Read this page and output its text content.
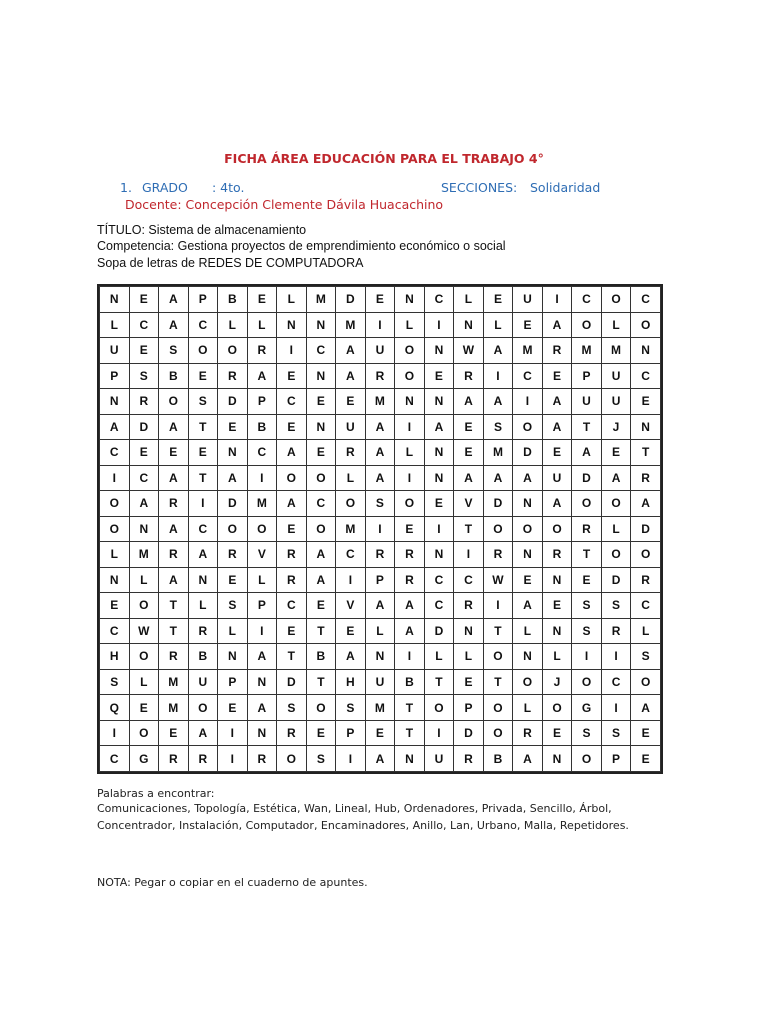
FICHA ÁREA EDUCACIÓN PARA EL TRABAJO 4°
1. GRADO : 4to.	SECCIONES: Solidaridad
Docente: Concepción Clemente Dávila Huacachino
TÍTULO: Sistema de almacenamiento
Competencia: Gestiona proyectos de emprendimiento económico o social
Sopa de letras de REDES DE COMPUTADORA
N	E	A	P	B	E	L	M	D	E	N	C	L	E	U	I	C	O	C
L	C	A	C	L	L	N	N	M	I	L	I	N	L	E	A	O	L	O
U	E	S	O	O	R	I	C	A	U	O	N	W	A	M	R	M	M	N
P	S	B	E	R	A	E	N	A	R	O	E	R	I	C	E	P	U	C
N	R	O	S	D	P	C	E	E	M	N	N	A	A	I	A	U	U	E
A	D	A	T	E	B	E	N	U	A	I	A	E	S	O	A	T	J	N
C	E	E	E	N	C	A	E	R	A	L	N	E	M	D	E	A	E	T
I	C	A	T	A	I	O	O	L	A	I	N	A	A	A	U	D	A	R
O	A	R	I	D	M	A	C	O	S	O	E	V	D	N	A	O	O	A
O	N	A	C	O	O	E	O	M	I	E	I	T	O	O	O	R	L	D
L	M	R	A	R	V	R	A	C	R	R	N	I	R	N	R	T	O	O
N	L	A	N	E	L	R	A	I	P	R	C	C	W	E	N	E	D	R
E	O	T	L	S	P	C	E	V	A	A	C	R	I	A	E	S	S	C
C	W	T	R	L	I	E	T	E	L	A	D	N	T	L	N	S	R	L
H	O	R	B	N	A	T	B	A	N	I	L	L	O	N	L	I	I	S
S	L	M	U	P	N	D	T	H	U	B	T	E	T	O	J	O	C	O
Q	E	M	O	E	A	S	O	S	M	T	O	P	O	L	O	G	I	A
I	O	E	A	I	N	R	E	P	E	T	I	D	O	R	E	S	S	E
C	G	R	R	I	R	O	S	I	A	N	U	R	B	A	N	O	P	E
Palabras a encontrar:
Comunicaciones, Topología, Estética, Wan, Lineal, Hub, Ordenadores, Privada, Sencillo, Árbol, Concentrador, Instalación, Computador, Encaminadores, Anillo, Lan, Urbano, Malla, Repetidores.
NOTA: Pegar o copiar en el cuaderno de apuntes.
